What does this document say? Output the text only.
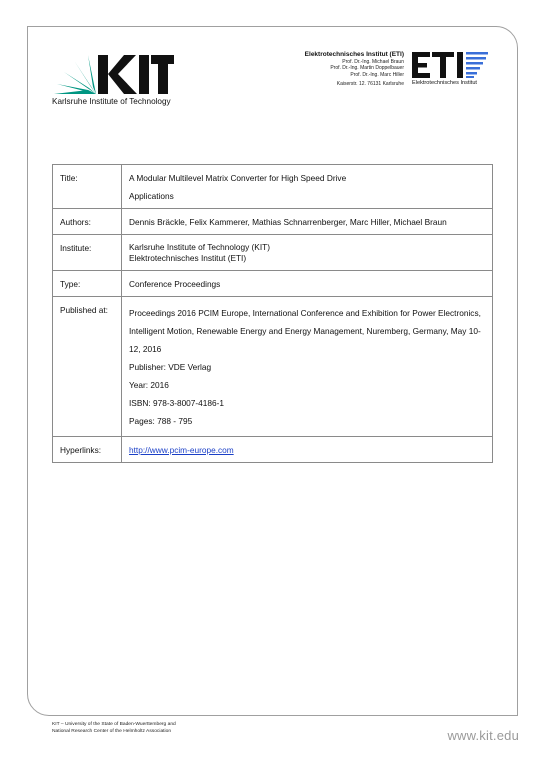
KIT
Karlsruhe Institute of Technology
Elektrotechnisches Institut (ETI)
Prof. Dr.-Ing. Michael Braun
Prof. Dr.-Ing. Martin Doppelbauer
Prof. Dr.-Ing. Marc Hiller
Kaiserstr. 12. 76131 Karlsruhe
ETI
Elektrotechnisches Institut
Title:	A Modular Multilevel Matrix Converter for High Speed Drive

Applications

Authors:	Dennis Bräckle, Felix Kammerer, Mathias Schnarrenberger, Marc Hiller, Michael Braun
Institute:	Karlsruhe Institute of Technology (KIT)

Elektrotechnisches Institut (ETI)

Type:	Conference Proceedings
Published at:	Proceedings 2016 PCIM Europe, International Conference and Exhibition for Power Electronics, Intelligent Motion, Renewable Energy and Energy Management, Nuremberg, Germany, May 10-12, 2016

Publisher: VDE Verlag

Year: 2016

ISBN: 978-3-8007-4186-1

Pages: 788 - 795

Hyperlinks:	http://www.pcim-europe.com
KIT – University of the State of Baden-Wuerttemberg and
National Research Center of the Helmholtz Association	www.kit.edu
